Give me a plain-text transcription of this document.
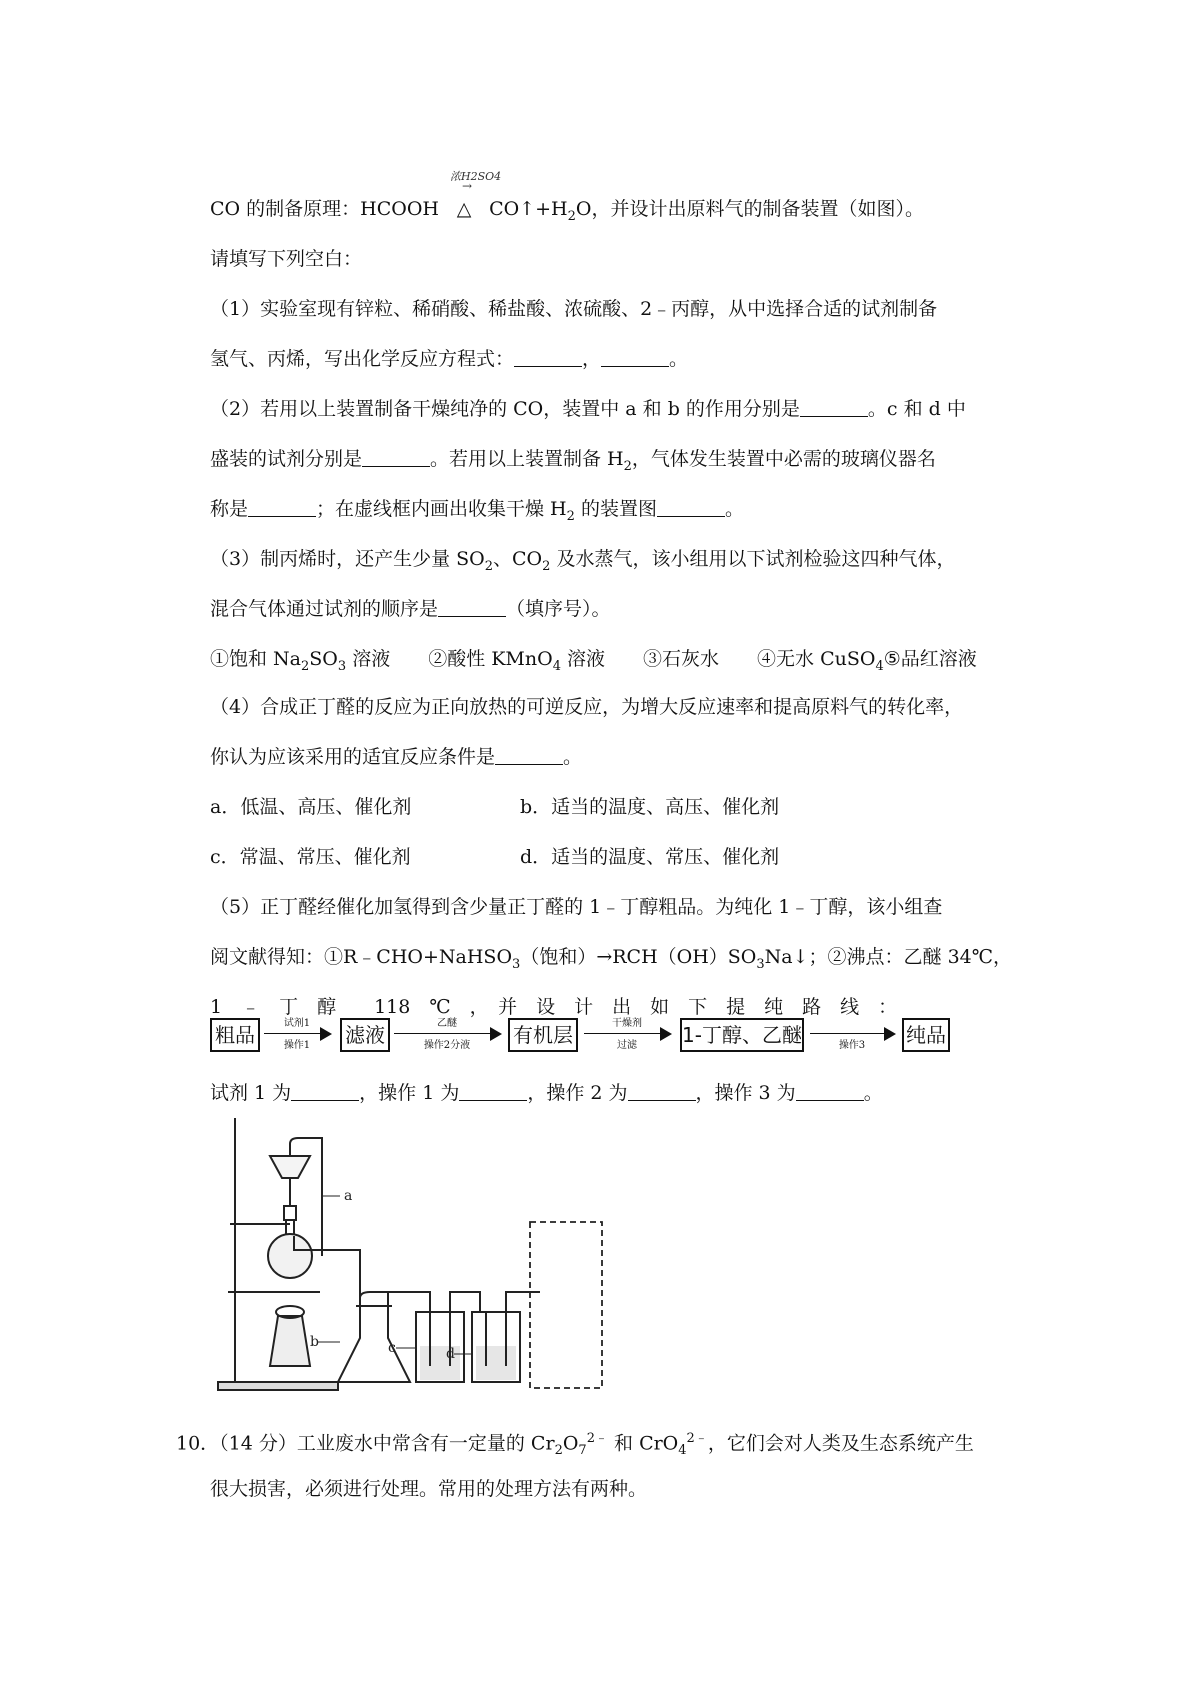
浓H2SO4
→
CO 的制备原理：HCOOH △ $CO↑+H_2O$，并设计出原料气的制备装置（如图）。
请填写下列空白：
（1）实验室现有锌粒、稀硝酸、稀盐酸、浓硫酸、2﹣丙醇，从中选择合适的试剂制备
氢气、丙烯，写出化学反应方程式：	，	。
（2）若用以上装置制备干燥纯净的 CO，装置中 a 和 b 的作用分别是	。c 和 d 中
盛装的试剂分别是	。若用以上装置制备 $H_2$，气体发生装置中必需的玻璃仪器名
称是	；在虚线框内画出收集干燥 $H_2$ 的装置图	。
（3）制丙烯时，还产生少量 $SO_2$、$CO_2$ 及水蒸气，该小组用以下试剂检验这四种气体，
混合气体通过试剂的顺序是	（填序号）。
①饱和 $Na_2SO_3$ 溶液　　②酸性 KMnO$_4$ 溶液　　③石灰水　　④无水 CuSO$_4$⑤品红溶液
（4）合成正丁醛的反应为正向放热的可逆反应，为增大反应速率和提高原料气的转化率，
你认为应该采用的适宜反应条件是	。
a．低温、高压、催化剂	b．适当的温度、高压、催化剂
c．常温、常压、催化剂	d．适当的温度、常压、催化剂
（5）正丁醛经催化加氢得到含少量正丁醛的 1﹣丁醇粗品。为纯化 1﹣丁醇，该小组查
阅文献得知：①R﹣CHO+NaHSO$_3$（饱和）$\to RCH(OH)SO_3Na↓$；②沸点：乙醚 34℃，
1　﹣　丁　醇　　118　℃　，　并　设　计　出　如　下　提　纯　路　线　：
粗品	试剂1
操作1	滤液	乙醚
操作2分液	有机层	干燥剂
过滤	1-丁醇、乙醚	操作3	纯品
试剂 1 为	，操作 1 为	，操作 2 为	，操作 3 为	。
a
b	c	d
10．（14 分）工业废水中常含有一定量的 $Cr_2O_7^{2﹣}$ 和 CrO$_4^{2﹣}$，它们会对人类及生态系统产生
很大损害，必须进行处理。常用的处理方法有两种。
